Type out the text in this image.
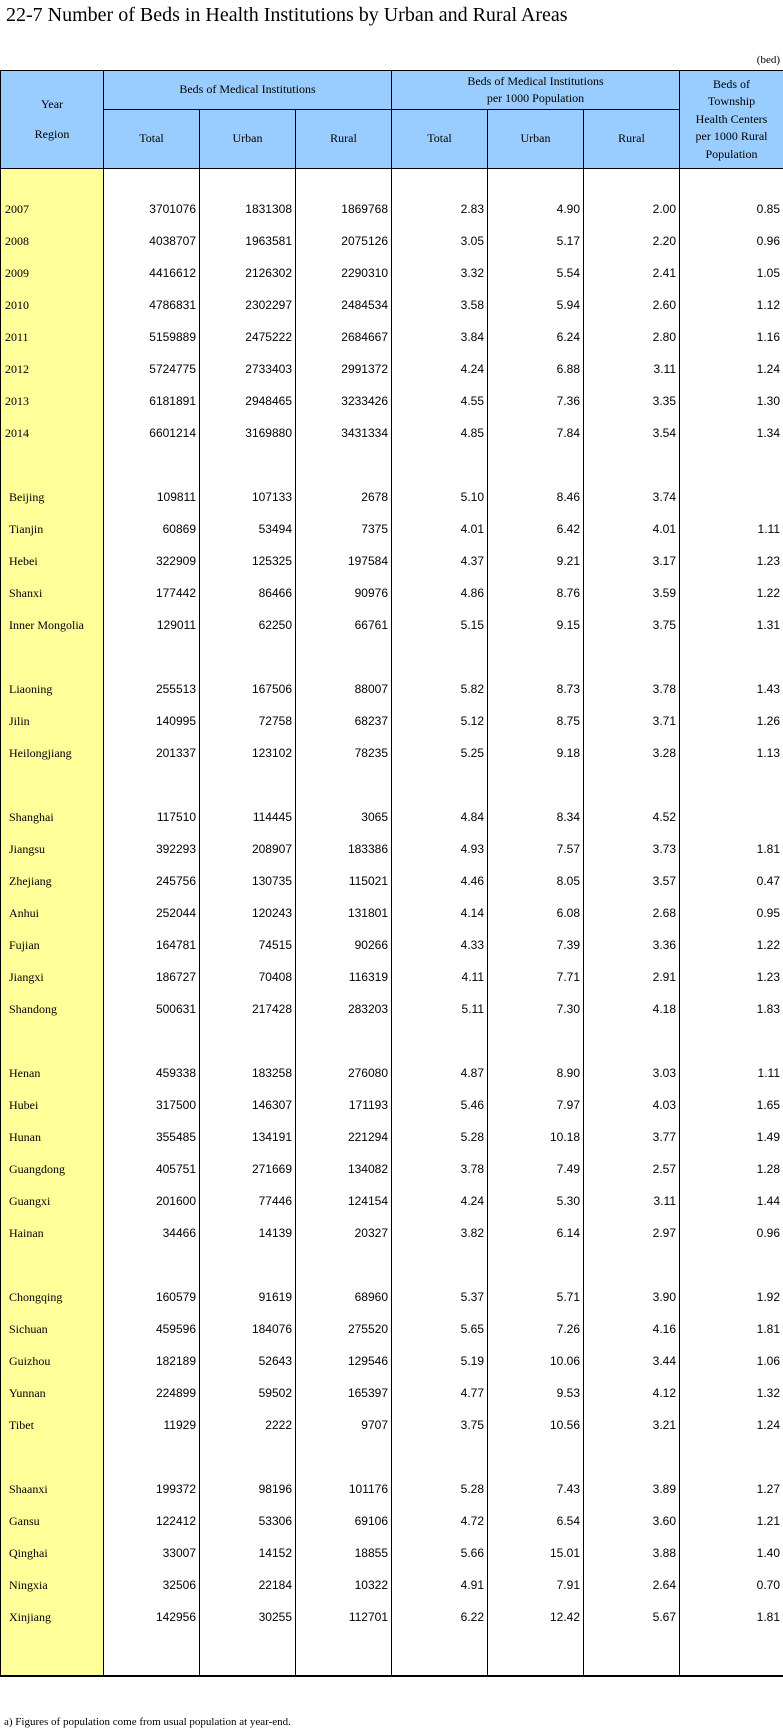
22-7 Number of Beds in Health Institutions by Urban and Rural Areas
(bed)
Year
Region	Beds of Medical Institutions			Beds of Medical Institutions
per 1000 Population			Beds of
Township
Health Centers
per 1000 Rural
Population
	Total	Urban	Rural	Total	Urban	Rural	

2007	3701076	1831308	1869768	2.83	4.90	2.00	0.85
2008	4038707	1963581	2075126	3.05	5.17	2.20	0.96
2009	4416612	2126302	2290310	3.32	5.54	2.41	1.05
2010	4786831	2302297	2484534	3.58	5.94	2.60	1.12
2011	5159889	2475222	2684667	3.84	6.24	2.80	1.16
2012	5724775	2733403	2991372	4.24	6.88	3.11	1.24
2013	6181891	2948465	3233426	4.55	7.36	3.35	1.30
2014	6601214	3169880	3431334	4.85	7.84	3.54	1.34

Beijing	109811	107133	2678	5.10	8.46	3.74	
Tianjin	60869	53494	7375	4.01	6.42	4.01	1.11
Hebei	322909	125325	197584	4.37	9.21	3.17	1.23
Shanxi	177442	86466	90976	4.86	8.76	3.59	1.22
Inner Mongolia	129011	62250	66761	5.15	9.15	3.75	1.31

Liaoning	255513	167506	88007	5.82	8.73	3.78	1.43
Jilin	140995	72758	68237	5.12	8.75	3.71	1.26
Heilongjiang	201337	123102	78235	5.25	9.18	3.28	1.13

Shanghai	117510	114445	3065	4.84	8.34	4.52	
Jiangsu	392293	208907	183386	4.93	7.57	3.73	1.81
Zhejiang	245756	130735	115021	4.46	8.05	3.57	0.47
Anhui	252044	120243	131801	4.14	6.08	2.68	0.95
Fujian	164781	74515	90266	4.33	7.39	3.36	1.22
Jiangxi	186727	70408	116319	4.11	7.71	2.91	1.23
Shandong	500631	217428	283203	5.11	7.30	4.18	1.83

Henan	459338	183258	276080	4.87	8.90	3.03	1.11
Hubei	317500	146307	171193	5.46	7.97	4.03	1.65
Hunan	355485	134191	221294	5.28	10.18	3.77	1.49
Guangdong	405751	271669	134082	3.78	7.49	2.57	1.28
Guangxi	201600	77446	124154	4.24	5.30	3.11	1.44
Hainan	34466	14139	20327	3.82	6.14	2.97	0.96

Chongqing	160579	91619	68960	5.37	5.71	3.90	1.92
Sichuan	459596	184076	275520	5.65	7.26	4.16	1.81
Guizhou	182189	52643	129546	5.19	10.06	3.44	1.06
Yunnan	224899	59502	165397	4.77	9.53	4.12	1.32
Tibet	11929	2222	9707	3.75	10.56	3.21	1.24

Shaanxi	199372	98196	101176	5.28	7.43	3.89	1.27
Gansu	122412	53306	69106	4.72	6.54	3.60	1.21
Qinghai	33007	14152	18855	5.66	15.01	3.88	1.40
Ningxia	32506	22184	10322	4.91	7.91	2.64	0.70
Xinjiang	142956	30255	112701	6.22	12.42	5.67	1.81

a) Figures of population come from usual population at year-end.
